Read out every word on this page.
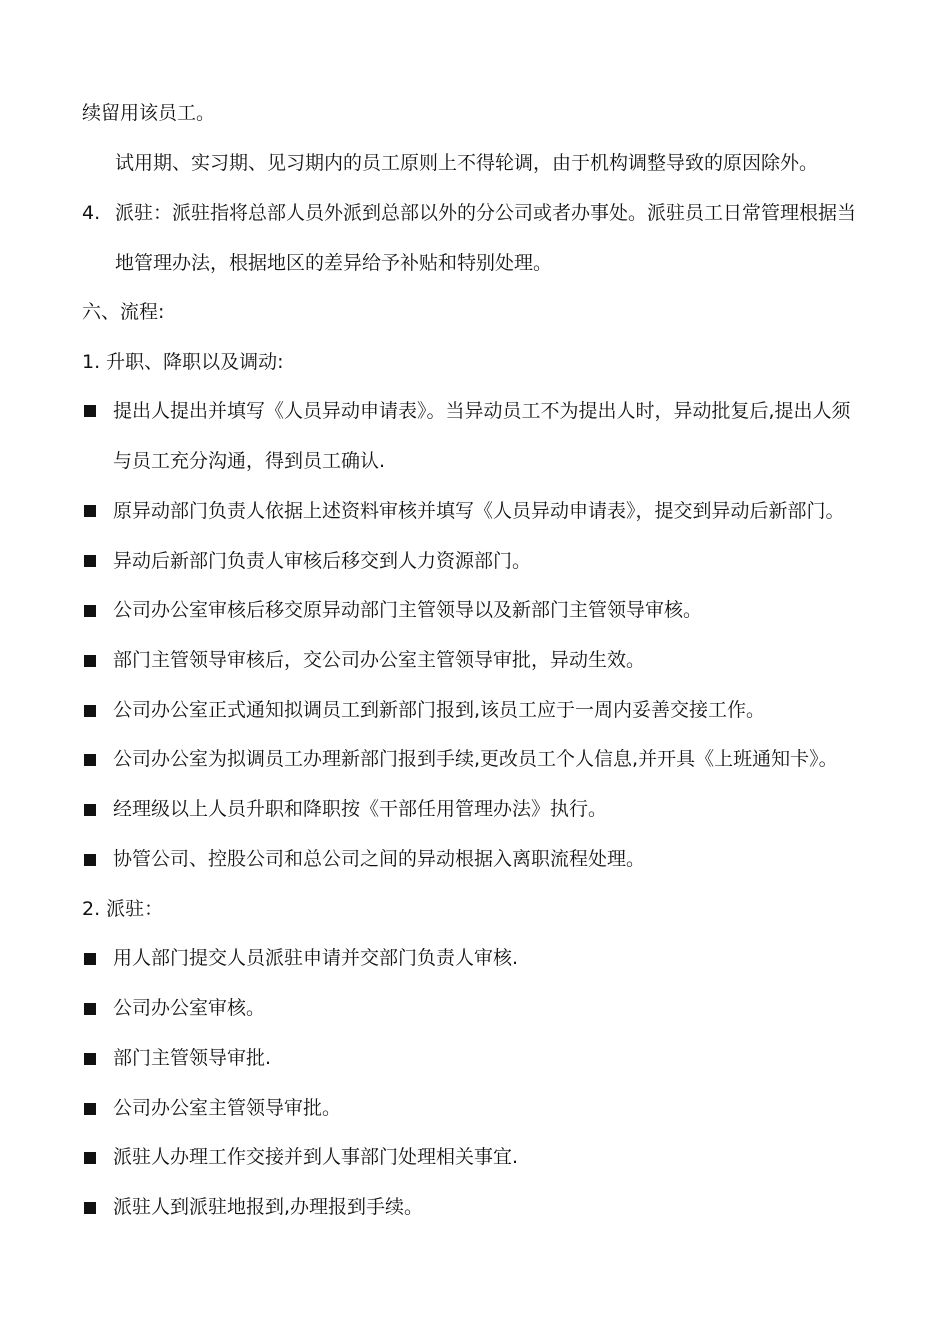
续留用该员工。
试用期、实习期、见习期内的员工原则上不得轮调，由于机构调整导致的原因除外。
4. 派驻：派驻指将总部人员外派到总部以外的分公司或者办事处。派驻员工日常管理根据当
地管理办法，根据地区的差异给予补贴和特别处理。
六、流程:
1. 升职、降职以及调动:
提出人提出并填写《人员异动申请表》。当异动员工不为提出人时，异动批复后,提出人须
与员工充分沟通，得到员工确认.
原异动部门负责人依据上述资料审核并填写《人员异动申请表》，提交到异动后新部门。
异动后新部门负责人审核后移交到人力资源部门。
公司办公室审核后移交原异动部门主管领导以及新部门主管领导审核。
部门主管领导审核后，交公司办公室主管领导审批，异动生效。
公司办公室正式通知拟调员工到新部门报到,该员工应于一周内妥善交接工作。
公司办公室为拟调员工办理新部门报到手续,更改员工个人信息,并开具《上班通知卡》。
经理级以上人员升职和降职按《干部任用管理办法》执行。
协管公司、控股公司和总公司之间的异动根据入离职流程处理。
2. 派驻：
用人部门提交人员派驻申请并交部门负责人审核.
公司办公室审核。
部门主管领导审批.
公司办公室主管领导审批。
派驻人办理工作交接并到人事部门处理相关事宜.
派驻人到派驻地报到,办理报到手续。
